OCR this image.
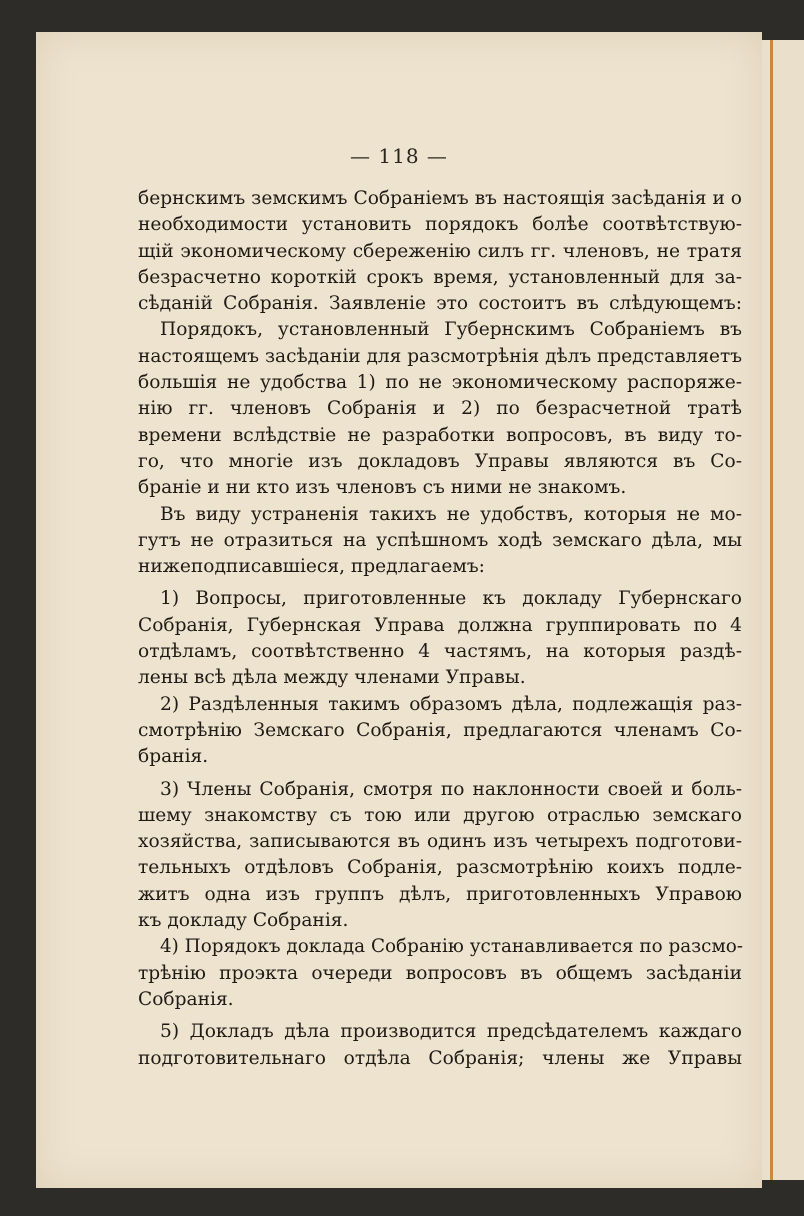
— 118 —
бернскимъ земскимъ Собраніемъ въ настоящія засѣданія и о
необходимости установить порядокъ болѣе соотвѣтствую-
щій экономическому сбереженію силъ гг. членовъ, не тратя
безрасчетно короткій срокъ время, установленный для за-
сѣданій Собранія. Заявленіе это состоитъ въ слѣдующемъ:
Порядокъ, установленный Губернскимъ Собраніемъ въ
настоящемъ засѣданіи для разсмотрѣнія дѣлъ представляетъ
большія не удобства 1) по не экономическому распоряже-
нію гг. членовъ Собранія и 2) по безрасчетной тратѣ
времени вслѣдствіе не разработки вопросовъ, въ виду то-
го, что многіе изъ докладовъ Управы являются въ Со-
браніе и ни кто изъ членовъ съ ними не знакомъ.
Въ виду устраненія такихъ не удобствъ, которыя не мо-
гутъ не отразиться на успѣшномъ ходѣ земскаго дѣла, мы
нижеподписавшіеся, предлагаемъ:
1) Вопросы, приготовленные къ докладу Губернскаго
Собранія, Губернская Управа должна группировать по 4
отдѣламъ, соотвѣтственно 4 частямъ, на которыя раздѣ-
лены всѣ дѣла между членами Управы.
2) Раздѣленныя такимъ образомъ дѣла, подлежащія раз-
смотрѣнію Земскаго Собранія, предлагаются членамъ Со-
бранія.
3) Члены Собранія, смотря по наклонности своей и боль-
шему знакомству съ тою или другою отраслью земскаго
хозяйства, записываются въ одинъ изъ четырехъ подготови-
тельныхъ отдѣловъ Собранія, разсмотрѣнію коихъ подле-
житъ одна изъ группъ дѣлъ, приготовленныхъ Управою
къ докладу Собранія.
4) Порядокъ доклада Собранію устанавливается по разсмо-
трѣнію проэкта очереди вопросовъ въ общемъ засѣданіи
Собранія.
5) Докладъ дѣла производится предсѣдателемъ каждаго
подготовительнаго отдѣла Собранія; члены же Управы
